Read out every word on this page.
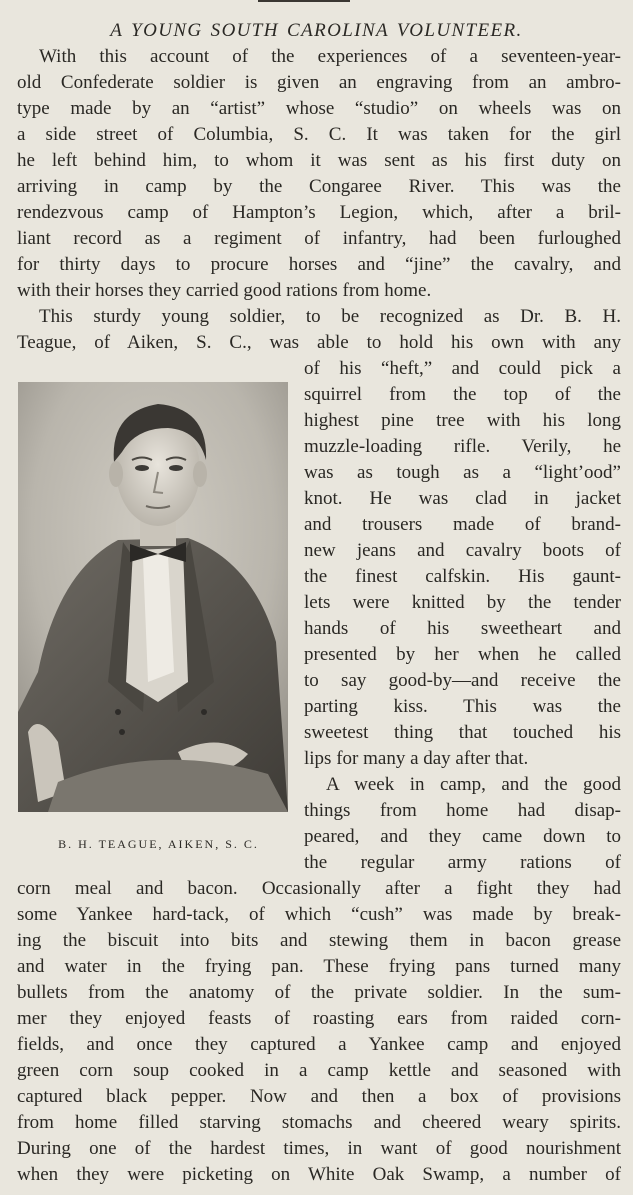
A YOUNG SOUTH CAROLINA VOLUNTEER.
With this account of the experiences of a seventeen-year-
old Confederate soldier is given an engraving from an ambro-
type made by an “artist” whose “studio” on wheels was on
a side street of Columbia, S. C. It was taken for the girl
he left behind him, to whom it was sent as his first duty on
arriving in camp by the Congaree River. This was the
rendezvous camp of Hampton’s Legion, which, after a bril-
liant record as a regiment of infantry, had been furloughed
for thirty days to procure horses and “jine” the cavalry, and
with their horses they carried good rations from home.
This sturdy young soldier, to be recognized as Dr. B. H.
Teague, of Aiken, S. C., was able to hold his own with any
of his “heft,” and could pick a
squirrel from the top of the
highest pine tree with his long
muzzle-loading rifle. Verily, he
was as tough as a “light’ood”
knot. He was clad in jacket
and trousers made of brand-
new jeans and cavalry boots of
the finest calfskin. His gaunt-
lets were knitted by the tender
hands of his sweetheart and
presented by her when he called
to say good-by—and receive the
parting kiss. This was the
sweetest thing that touched his
lips for many a day after that.
A week in camp, and the good
things from home had disap-
peared, and they came down to
the regular army rations of
corn meal and bacon. Occasionally after a fight they had
some Yankee hard-tack, of which “cush” was made by break-
ing the biscuit into bits and stewing them in bacon grease
and water in the frying pan. These frying pans turned many
bullets from the anatomy of the private soldier. In the sum-
mer they enjoyed feasts of roasting ears from raided corn-
fields, and once they captured a Yankee camp and enjoyed
green corn soup cooked in a camp kettle and seasoned with
captured black pepper. Now and then a box of provisions
from home filled starving stomachs and cheered weary spirits.
During one of the hardest times, in want of good nourishment
when they were picketing on White Oak Swamp, a number of
B. H. TEAGUE, AIKEN, S. C.
